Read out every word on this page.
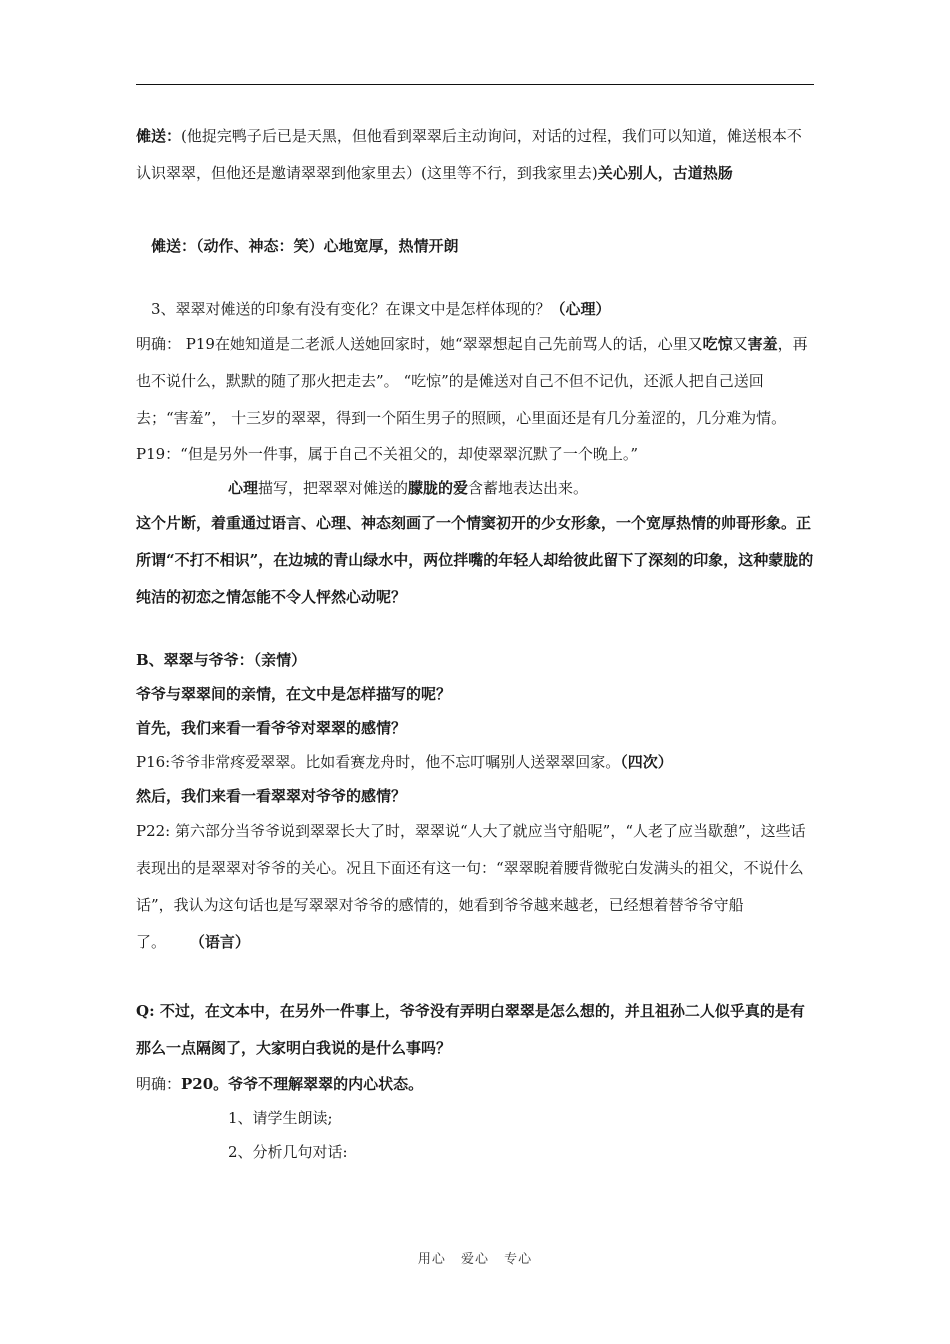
傩送：(他捉完鸭子后已是天黑，但他看到翠翠后主动询问，对话的过程，我们可以知道，傩送根本不认识翠翠，但他还是邀请翠翠到他家里去）(这里等不行，到我家里去)关心别人，古道热肠

傩送：（动作、神态：笑）心地宽厚，热情开朗

3、翠翠对傩送的印象有没有变化？在课文中是怎样体现的？（心理）

明确： P19在她知道是二老派人送她回家时，她“翠翠想起自己先前骂人的话，心里又吃惊又害羞，再也不说什么，默默的随了那火把走去”。 “吃惊”的是傩送对自己不但不记仇，还派人把自己送回去；“害羞”， 十三岁的翠翠，得到一个陌生男子的照顾，心里面还是有几分羞涩的，几分难为情。

P19：“但是另外一件事，属于自己不关祖父的，却使翠翠沉默了一个晚上。”

心理描写，把翠翠对傩送的朦胧的爱含蓄地表达出来。

这个片断，着重通过语言、心理、神态刻画了一个情窦初开的少女形象，一个宽厚热情的帅哥形象。正所谓“不打不相识”，在边城的青山绿水中，两位拌嘴的年轻人却给彼此留下了深刻的印象，这种蒙胧的纯洁的初恋之情怎能不令人怦然心动呢？

B、翠翠与爷爷：（亲情）

爷爷与翠翠间的亲情，在文中是怎样描写的呢？

首先，我们来看一看爷爷对翠翠的感情？

P16:爷爷非常疼爱翠翠。比如看赛龙舟时，他不忘叮嘱别人送翠翠回家。（四次）

然后，我们来看一看翠翠对爷爷的感情？

P22: 第六部分当爷爷说到翠翠长大了时，翠翠说“人大了就应当守船呢”，“人老了应当歇憩”，这些话表现出的是翠翠对爷爷的关心。况且下面还有这一句：“翠翠睨着腰背微驼白发满头的祖父，不说什么话”，我认为这句话也是写翠翠对爷爷的感情的，她看到爷爷越来越老，已经想着替爷爷守船了。 （语言）

Q: 不过，在文本中，在另外一件事上，爷爷没有弄明白翠翠是怎么想的，并且祖孙二人似乎真的是有那么一点隔阂了，大家明白我说的是什么事吗？

明确：P20。爷爷不理解翠翠的内心状态。

1、请学生朗读;

2、分析几句对话:

用心 爱心 专心
